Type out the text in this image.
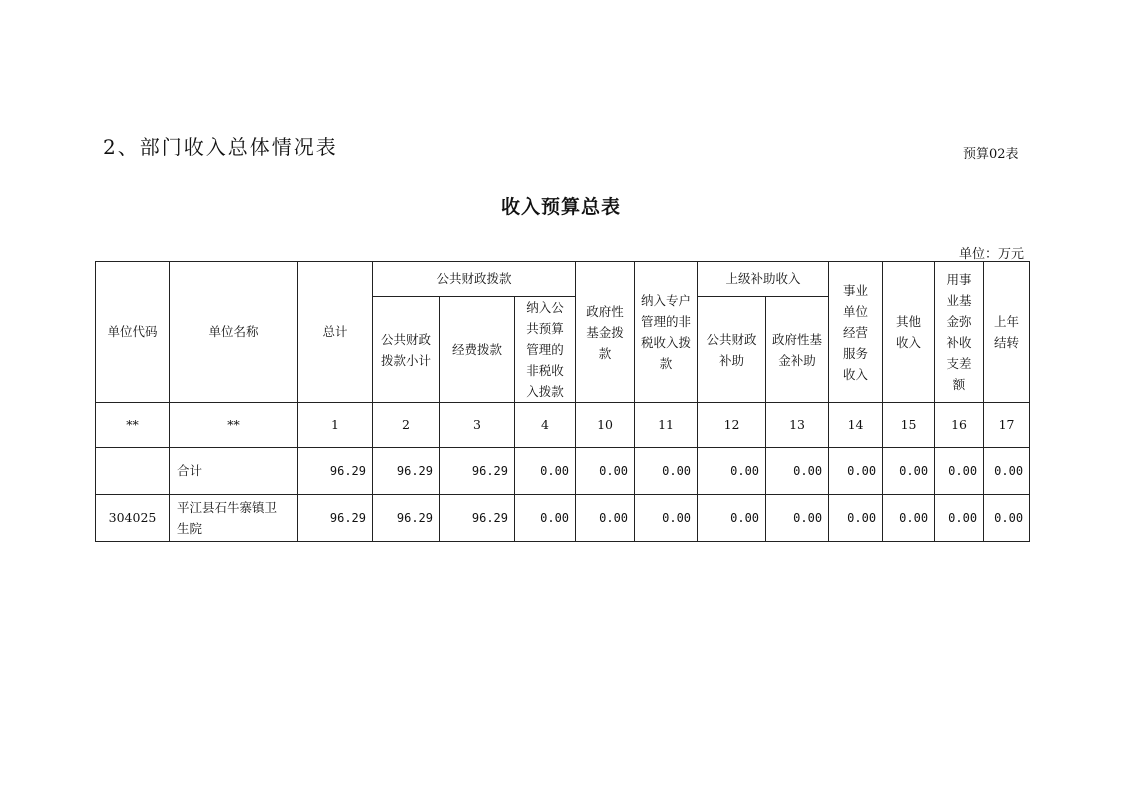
2、部门收入总体情况表	预算02表
收入预算总表
单位：万元
单位代码	单位名称	总计	公共财政拨款			政府性基金拨款	纳入专户管理的非税收入拨款	上级补助收入		事业单位经营服务收入	其他收入	用事业基金弥补收支差额	上年结转
			公共财政拨款小计	经费拨款	纳入公共预算管理的非税收入拨款								
								公共财政补助	政府性基金补助				
**	**	1	2	3	4	10	11	12	13	14	15	16	17
	合计	96.29	96.29	96.29	0.00	0.00	0.00	0.00	0.00	0.00	0.00	0.00	0.00
304025	平江县石牛寨镇卫生院	96.29	96.29	96.29	0.00	0.00	0.00	0.00	0.00	0.00	0.00	0.00	0.00
